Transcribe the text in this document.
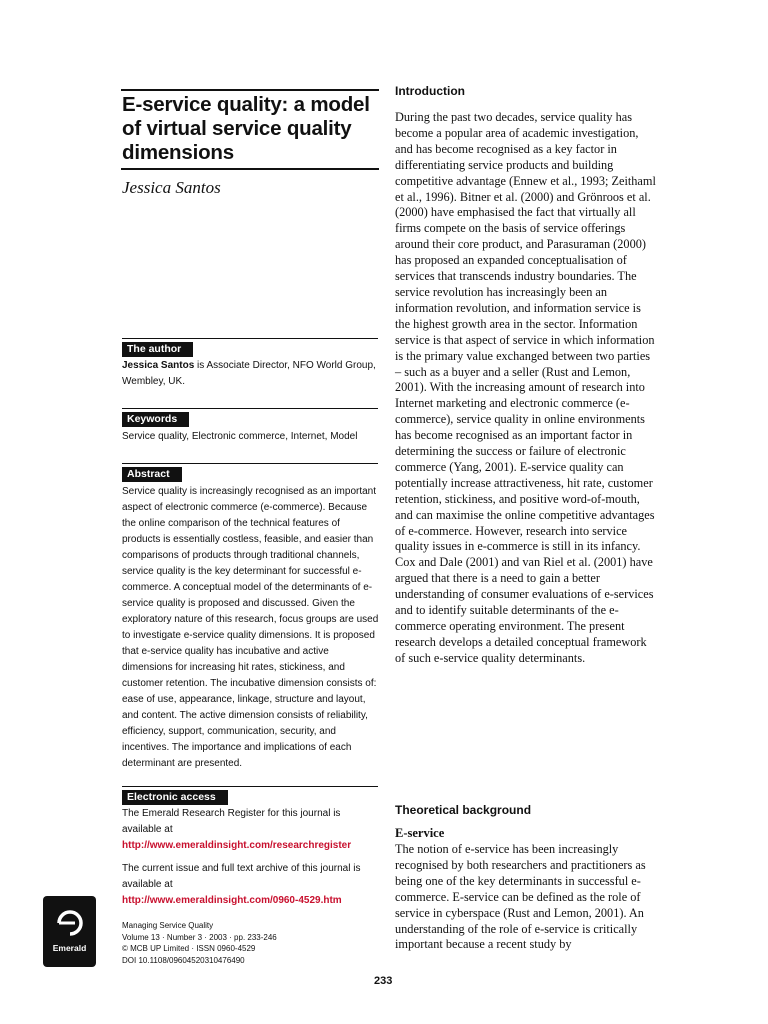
E-service quality: a model of virtual service quality dimensions

Jessica Santos

The author

Jessica Santos is Associate Director, NFO World Group, Wembley, UK.

Keywords

Service quality, Electronic commerce, Internet, Model

Abstract

Service quality is increasingly recognised as an important aspect of electronic commerce (e-commerce). Because the online comparison of the technical features of products is essentially costless, feasible, and easier than comparisons of products through traditional channels, service quality is the key determinant for successful e-commerce. A conceptual model of the determinants of e-service quality is proposed and discussed. Given the exploratory nature of this research, focus groups are used to investigate e-service quality dimensions. It is proposed that e-service quality has incubative and active dimensions for increasing hit rates, stickiness, and customer retention. The incubative dimension consists of: ease of use, appearance, linkage, structure and layout, and content. The active dimension consists of reliability, efficiency, support, communication, security, and incentives. The importance and implications of each determinant are presented.

Electronic access

The Emerald Research Register for this journal is available at
http://www.emeraldinsight.com/researchregister

The current issue and full text archive of this journal is available at
http://www.emeraldinsight.com/0960-4529.htm

Emerald
Managing Service Quality
Volume 13 · Number 3 · 2003 · pp. 233-246
© MCB UP Limited · ISSN 0960-4529
DOI 10.1108/09604520310476490
Introduction

During the past two decades, service quality has become a popular area of academic investigation, and has become recognised as a key factor in differentiating service products and building competitive advantage (Ennew et al., 1993; Zeithaml et al., 1996). Bitner et al. (2000) and Grönroos et al. (2000) have emphasised the fact that virtually all firms compete on the basis of service offerings around their core product, and Parasuraman (2000) has proposed an expanded conceptualisation of services that transcends industry boundaries. The service revolution has increasingly been an information revolution, and information service is the highest growth area in the sector. Information service is that aspect of service in which information is the primary value exchanged between two parties – such as a buyer and a seller (Rust and Lemon, 2001). With the increasing amount of research into Internet marketing and electronic commerce (e-commerce), service quality in online environments has become recognised as an important factor in determining the success or failure of electronic commerce (Yang, 2001). E-service quality can potentially increase attractiveness, hit rate, customer retention, stickiness, and positive word-of-mouth, and can maximise the online competitive advantages of e-commerce. However, research into service quality issues in e-commerce is still in its infancy. Cox and Dale (2001) and van Riel et al. (2001) have argued that there is a need to gain a better understanding of consumer evaluations of e-services and to identify suitable determinants of the e-commerce operating environment. The present research develops a detailed conceptual framework of such e-service quality determinants.

Theoretical background
E-service

The notion of e-service has been increasingly recognised by both researchers and practitioners as being one of the key determinants in successful e-commerce. E-service can be defined as the role of service in cyberspace (Rust and Lemon, 2001). An understanding of the role of e-service is critically important because a recent study by

233
